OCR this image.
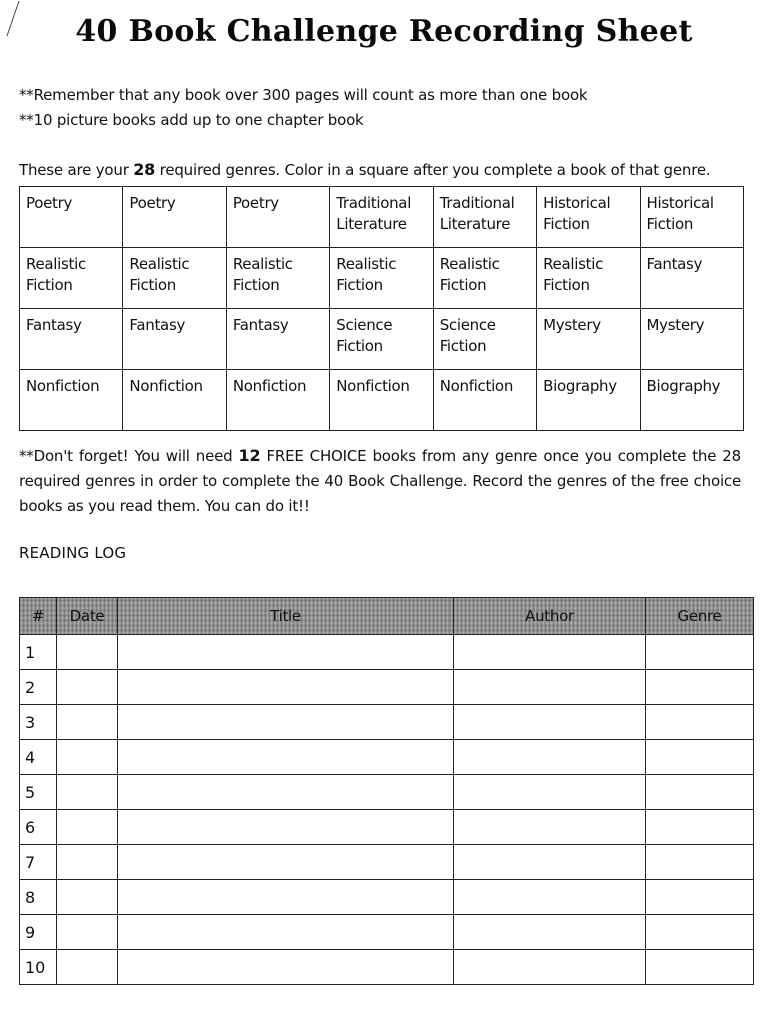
40 Book Challenge Recording Sheet
**Remember that any book over 300 pages will count as more than one book
**10 picture books add up to one chapter book
These are your 28 required genres. Color in a square after you complete a book of that genre.
Poetry	Poetry	Poetry	Traditional Literature	Traditional Literature	Historical Fiction	Historical Fiction
Realistic Fiction	Realistic Fiction	Realistic Fiction	Realistic Fiction	Realistic Fiction	Realistic Fiction	Fantasy
Fantasy	Fantasy	Fantasy	Science Fiction	Science Fiction	Mystery	Mystery
Nonfiction	Nonfiction	Nonfiction	Nonfiction	Nonfiction	Biography	Biography
**Don't forget! You will need 12 FREE CHOICE books from any genre once you complete the 28 required genres in order to complete the 40 Book Challenge. Record the genres of the free choice books as you read them. You can do it!!
READING LOG
#	Date	Title	Author	Genre
1				
2				
3				
4				
5				
6				
7				
8				
9				
10				
